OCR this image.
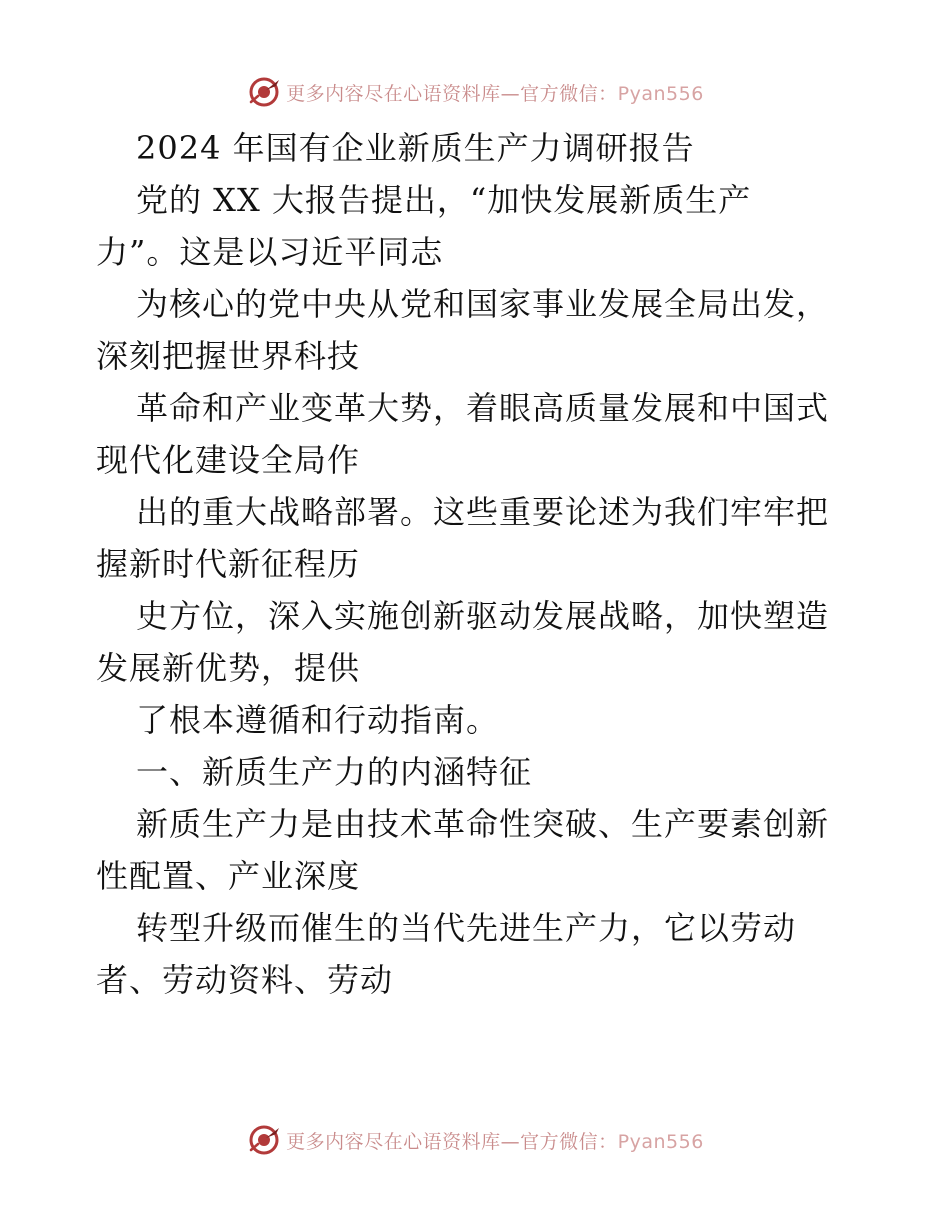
更多内容尽在心语资料库—官方微信：Pyan556
2024 年国有企业新质生产力调研报告
党的 XX 大报告提出，“加快发展新质生产
力”。这是以习近平同志
为核心的党中央从党和国家事业发展全局出发，
深刻把握世界科技
革命和产业变革大势，着眼高质量发展和中国式
现代化建设全局作
出的重大战略部署。这些重要论述为我们牢牢把
握新时代新征程历
史方位，深入实施创新驱动发展战略，加快塑造
发展新优势，提供
了根本遵循和行动指南。
一、新质生产力的内涵特征
新质生产力是由技术革命性突破、生产要素创新
性配置、产业深度
转型升级而催生的当代先进生产力，它以劳动
者、劳动资料、劳动
更多内容尽在心语资料库—官方微信：Pyan556
